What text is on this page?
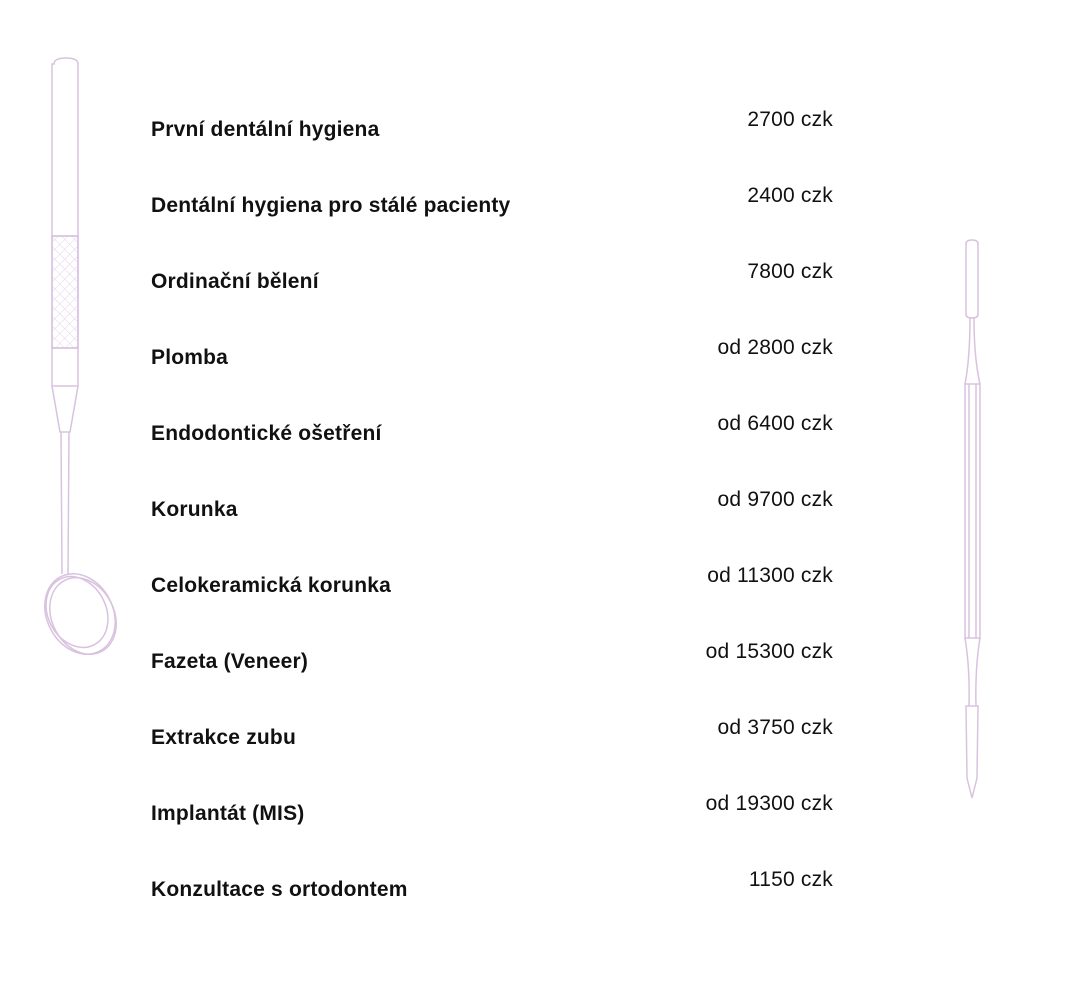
První dentální hygiena	2700 czk
Dentální hygiena pro stálé pacienty	2400 czk
Ordinační bělení	7800 czk
Plomba	od 2800 czk
Endodontické ošetření	od 6400 czk
Korunka	od 9700 czk
Celokeramická korunka	od 11300 czk
Fazeta (Veneer)	od 15300 czk
Extrakce zubu	od 3750 czk
Implantát (MIS)	od 19300 czk
Konzultace s ortodontem	1150 czk
